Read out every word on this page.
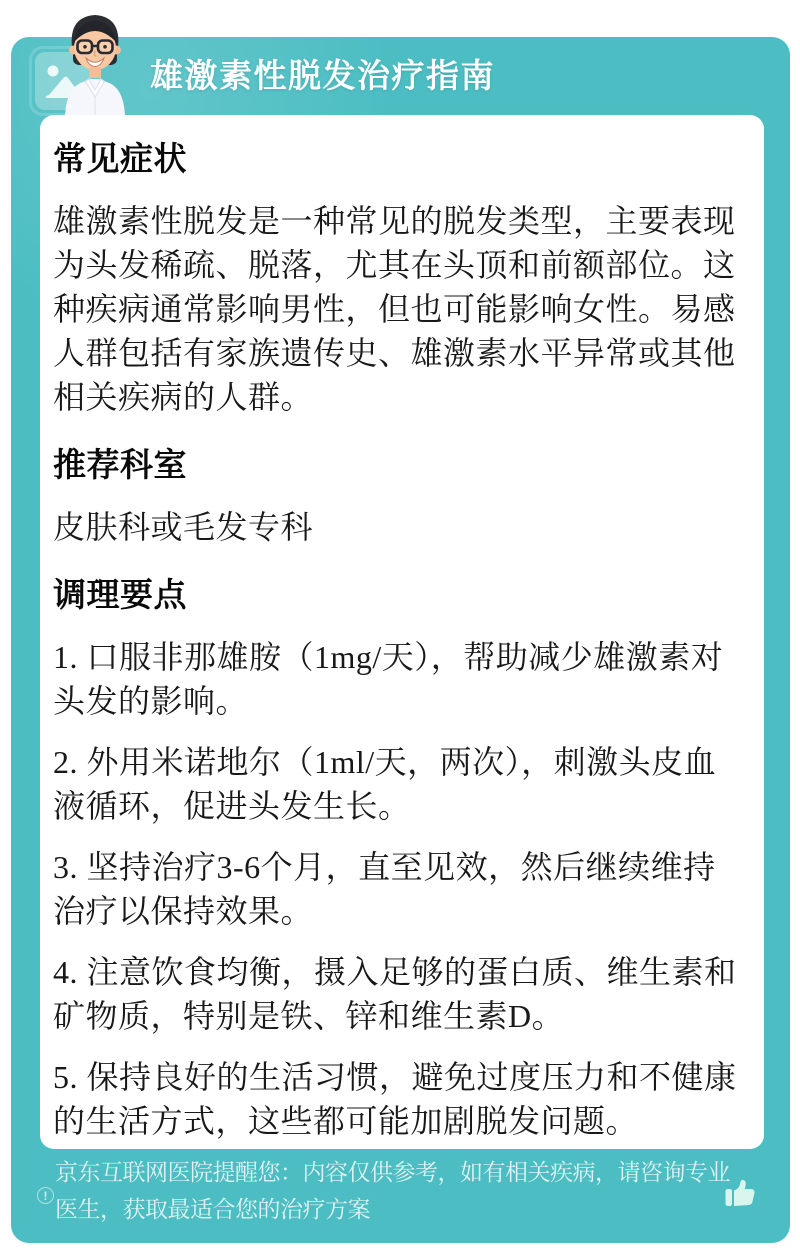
雄激素性脱发治疗指南
常见症状

雄激素性脱发是一种常见的脱发类型，主要表现为头发稀疏、脱落，尤其在头顶和前额部位。这种疾病通常影响男性，但也可能影响女性。易感人群包括有家族遗传史、雄激素水平异常或其他相关疾病的人群。

推荐科室

皮肤科或毛发专科

调理要点

1. 口服非那雄胺（1mg/天），帮助减少雄激素对头发的影响。

2. 外用米诺地尔（1ml/天，两次），刺激头皮血液循环，促进头发生长。

3. 坚持治疗3-6个月，直至见效，然后继续维持治疗以保持效果。

4. 注意饮食均衡，摄入足够的蛋白质、维生素和矿物质，特别是铁、锌和维生素D。

5. 保持良好的生活习惯，避免过度压力和不健康的生活方式，这些都可能加剧脱发问题。

!
京东互联网医院提醒您：内容仅供参考，如有相关疾病，请咨询专业
医生，获取最适合您的治疗方案
